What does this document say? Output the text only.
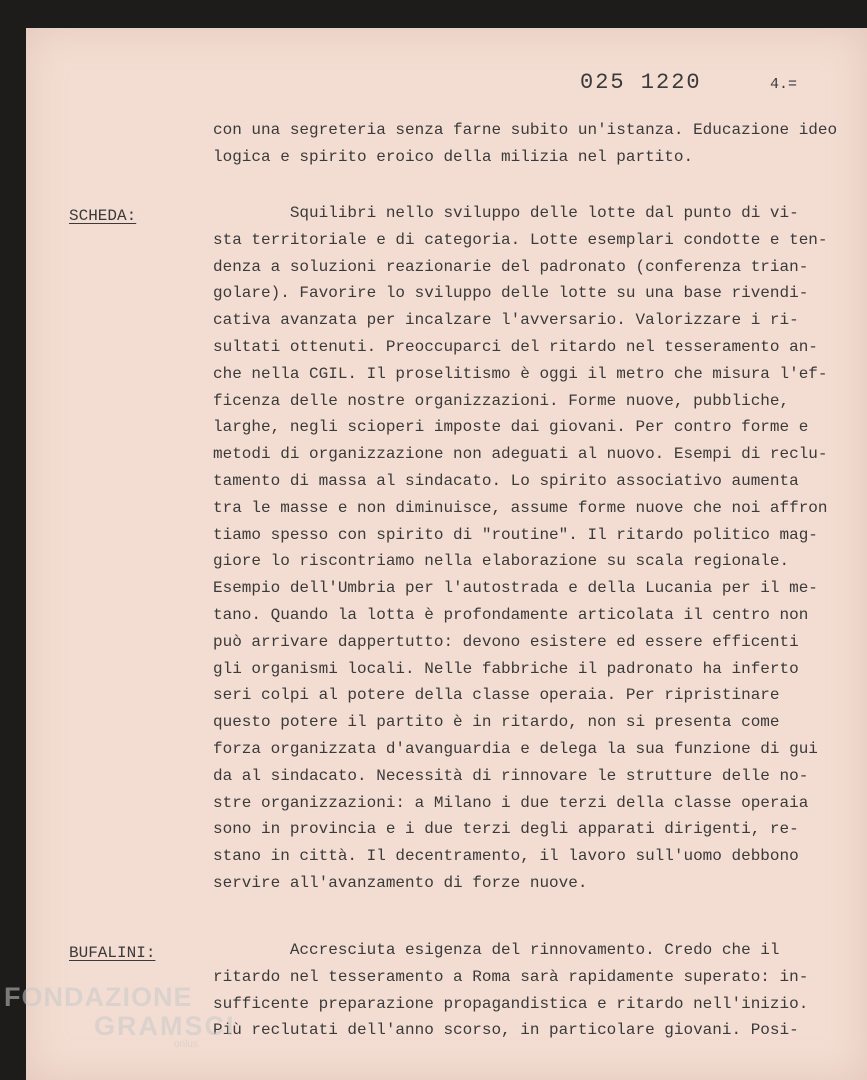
025 1220	4.=
con una segreteria senza farne subito un'istanza. Educazione ideo
logica e spirito eroico della milizia nel partito.
SCHEDA:	Squilibri nello sviluppo delle lotte dal punto di vi-
sta territoriale e di categoria. Lotte esemplari condotte e ten-
denza a soluzioni reazionarie del padronato (conferenza trian-
golare). Favorire lo sviluppo delle lotte su una base rivendi-
cativa avanzata per incalzare l'avversario. Valorizzare i ri-
sultati ottenuti. Preoccuparci del ritardo nel tesseramento an-
che nella CGIL. Il proselitismo è oggi il metro che misura l'ef-
ficenza delle nostre organizzazioni. Forme nuove, pubbliche,
larghe, negli scioperi imposte dai giovani. Per contro forme e
metodi di organizzazione non adeguati al nuovo. Esempi di reclu-
tamento di massa al sindacato. Lo spirito associativo aumenta
tra le masse e non diminuisce, assume forme nuove che noi affron
tiamo spesso con spirito di "routine". Il ritardo politico mag-
giore lo riscontriamo nella elaborazione su scala regionale.
Esempio dell'Umbria per l'autostrada e della Lucania per il me-
tano. Quando la lotta è profondamente articolata il centro non
può arrivare dappertutto: devono esistere ed essere efficenti
gli organismi locali. Nelle fabbriche il padronato ha inferto
seri colpi al potere della classe operaia. Per ripristinare
questo potere il partito è in ritardo, non si presenta come
forza organizzata d'avanguardia e delega la sua funzione di gui
da al sindacato. Necessità di rinnovare le strutture delle no-
stre organizzazioni: a Milano i due terzi della classe operaia
sono in provincia e i due terzi degli apparati dirigenti, re-
stano in città. Il decentramento, il lavoro sull'uomo debbono
servire all'avanzamento di forze nuove.
BUFALINI:	Accresciuta esigenza del rinnovamento. Credo che il
ritardo nel tesseramento a Roma sarà rapidamente superato: in-
sufficente preparazione propagandistica e ritardo nell'inizio.
Più reclutati dell'anno scorso, in particolare giovani. Posi-
FONDAZIONE
GRAMSCI
onlus
